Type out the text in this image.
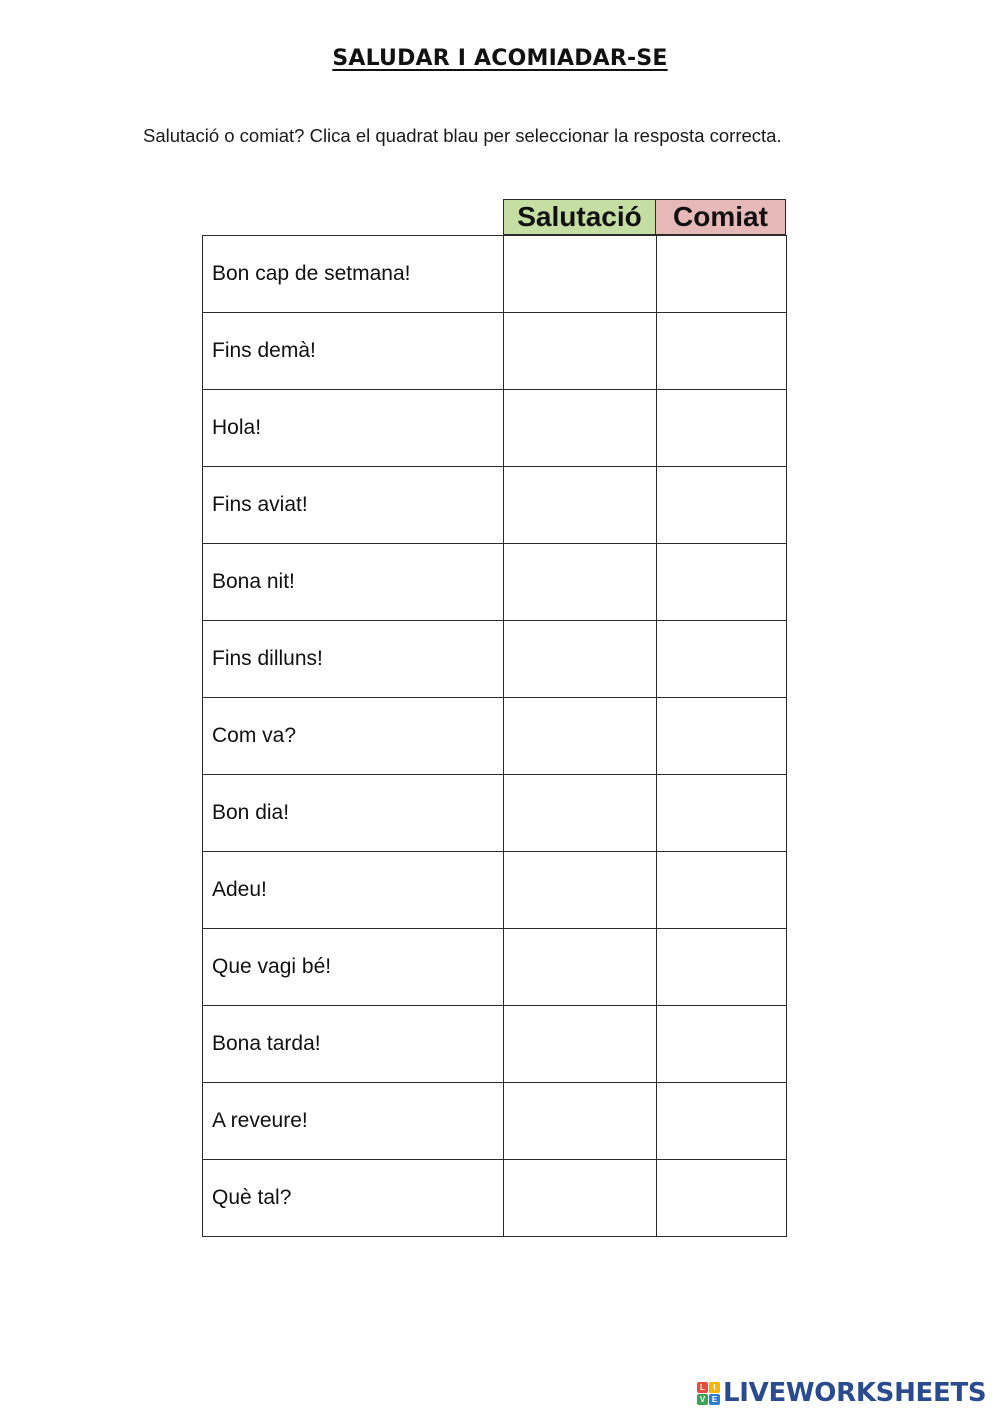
SALUDAR I ACOMIADAR-SE
Salutació o comiat? Clica el quadrat blau per seleccionar la resposta correcta.
Salutació	Comiat
Bon cap de setmana!		
Fins demà!		
Hola!		
Fins aviat!		
Bona nit!		
Fins dilluns!		
Com va?		
Bon dia!		
Adeu!		
Que vagi bé!		
Bona tarda!		
A reveure!		
Què tal?		
L	I
V E LIVEWORKSHEETS
